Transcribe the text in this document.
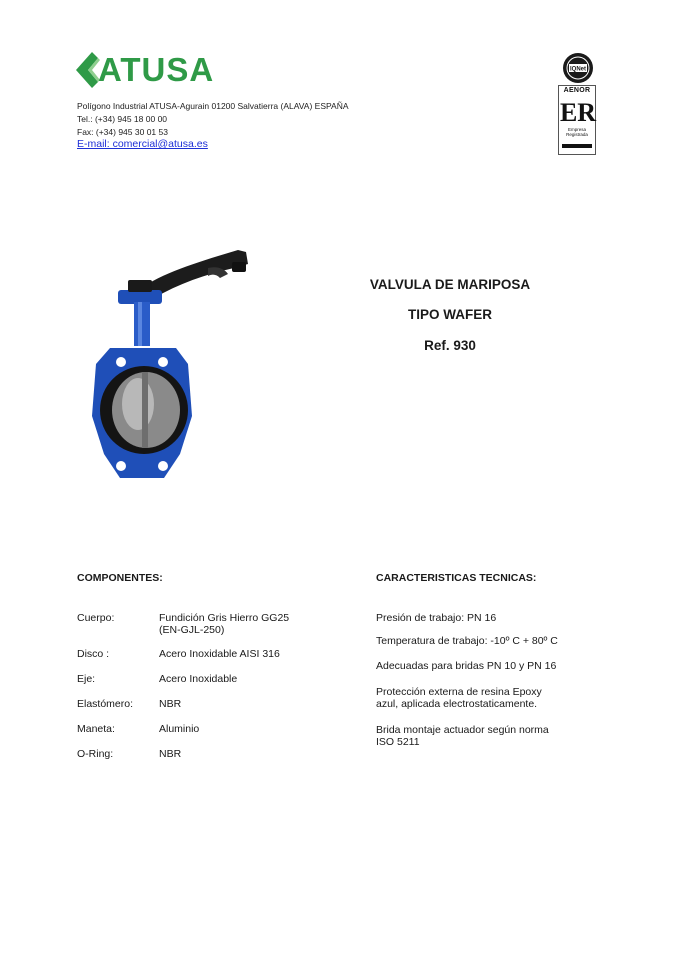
ATUSA
Polígono Industrial ATUSA-Agurain 01200 Salvatierra (ALAVA) ESPAÑA
Tel.: (+34) 945 18 00 00
Fax: (+34) 945 30 01 53
E-mail: comercial@atusa.es
IQNet
AENOR
ER
Empresa
Registrada
VALVULA DE MARIPOSA
TIPO WAFER
Ref. 930
COMPONENTES:
Cuerpo:	Fundición Gris Hierro GG25
(EN-GJL-250)
Disco :	Acero Inoxidable AISI 316
Eje:	Acero Inoxidable
Elastómero: NBR
Maneta:	Aluminio
O-Ring:	NBR
CARACTERISTICAS TECNICAS:
Presión de trabajo: PN 16
Temperatura de trabajo: -10º C + 80º C
Adecuadas para bridas PN 10 y PN 16
Protección externa de resina Epoxy
azul, aplicada electrostaticamente.
Brida montaje actuador según norma
ISO 5211
